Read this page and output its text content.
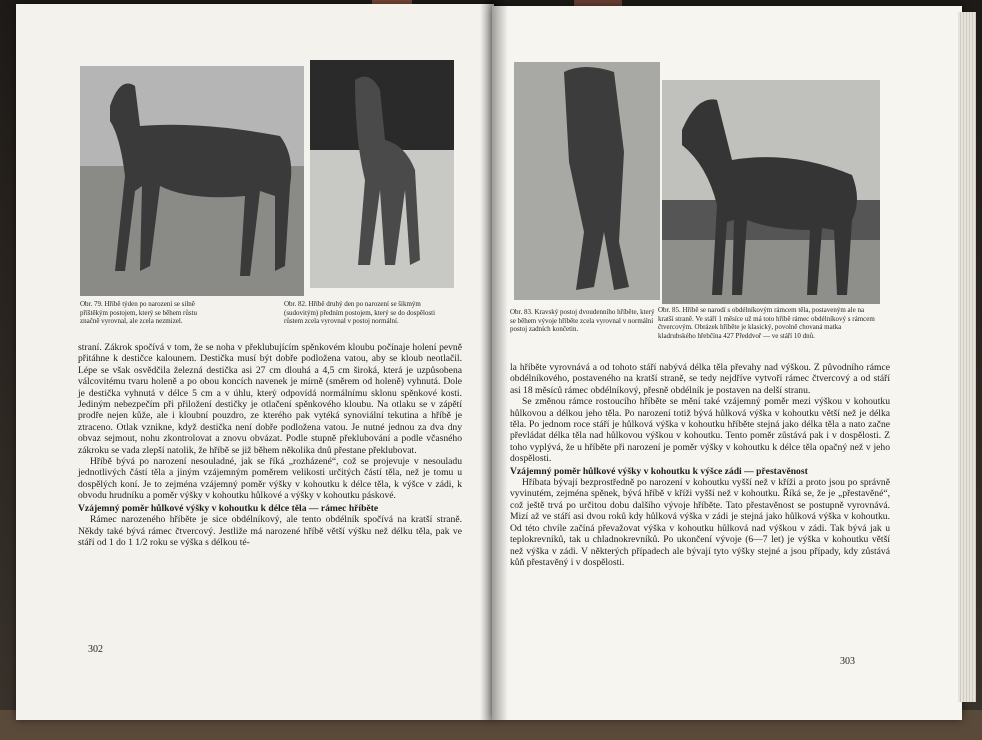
Obr. 79. Hříbě týden po narození se silně příštěkým postojem, který se během růstu značně vyrovnal, ale zcela nezmizel.
Obr. 82. Hříbě druhý den po narození se šikmým (sudovitým) předním postojem, který se do dospělosti růstem zcela vyrovnal v postoj normální.

straní. Zákrok spočívá v tom, že se noha v překlubujícím spěnkovém kloubu počínaje holení pevně přitáhne k destičce kalounem. Destička musí být dobře podložena vatou, aby se kloub neotlačil. Lépe se však osvědčila železná destička asi 27 cm dlouhá a 4,5 cm široká, která je uzpůsobena válcovitému tvaru holeně a po obou koncích navenek je mírně (směrem od holeně) vyhnutá. Dole je destička vyhnutá v délce 5 cm a v úhlu, který odpovídá normálnímu sklonu spěnkové kosti. Jediným nebezpečím při přiložení destičky je otlačení spěnkového kloubu. Na otlaku se v zápětí prodře nejen kůže, ale i kloubní pouzdro, ze kterého pak vytéká synoviální tekutina a hříbě je ztraceno. Otlak vznikne, když destička není dobře podložena vatou. Je nutné jednou za dva dny obvaz sejmout, nohu zkontrolovat a znovu obvázat. Podle stupně překlubování a podle včasného zákroku se vada zlepší natolik, že hříbě se již během několika dnů přestane překlubovat.

Hříbě bývá po narození nesouladné, jak se říká „rozházené“, což se projevuje v nesouladu jednotlivých částí těla a jiným vzájemným poměrem velikosti určitých částí těla, než je tomu u dospělých koní. Je to zejména vzájemný poměr výšky v kohoutku k délce těla, k výšce v zádi, k obvodu hrudníku a poměr výšky v kohoutku hůlkové a výšky v kohoutku páskové.

Vzájemný poměr hůlkové výšky v kohoutku k délce těla — rámec hříběte

Rámec narozeného hříběte je sice obdélníkový, ale tento obdélník spočívá na kratší straně. Někdy také bývá rámec čtvercový. Jestliže má narozené hříbě větší výšku než délku těla, pak ve stáří od 1 do 1 1/2 roku se výška s délkou té-

302
Obr. 83. Kravský postoj dvoudenního hříběte, který se během vývoje hříběte zcela vyrovnal v normální postoj zadních končetin.
Obr. 85. Hříbě se narodí s obdélníkovým rámcem těla, postaveným ale na kratší straně. Ve stáří 1 měsíce už má toto hříbě rámec obdélníkový s rámcem čtvercovým. Obrázek hříběte je klasický, povolně chovaná matka kladrubského hřebčína 427 Předdvoř — ve stáří 10 dnů.

la hříběte vyrovnává a od tohoto stáří nabývá délka těla převahy nad výškou. Z původního rámce obdélníkového, postaveného na kratší straně, se tedy nejdříve vytvoří rámec čtvercový a od stáří asi 18 měsíců rámec obdélníkový, přesně obdélník je postaven na delší stranu.

Se změnou rámce rostoucího hříběte se mění také vzájemný poměr mezi výškou v kohoutku hůlkovou a délkou jeho těla. Po narození totiž bývá hůlková výška v kohoutku větší než je délka těla. Po jednom roce stáří je hůlková výška v kohoutku hříběte stejná jako délka těla a nato začne převládat délka těla nad hůlkovou výškou v kohoutku. Tento poměr zůstává pak i v dospělosti. Z toho vyplývá, že u hříběte při narození je poměr výšky v kohoutku k délce těla opačný než v jeho dospělosti.

Vzájemný poměr hůlkové výšky v kohoutku k výšce zádi — přestavěnost

Hříbata bývají bezprostředně po narození v kohoutku vyšší než v kříži a proto jsou po správně vyvinutém, zejména spěnek, bývá hříbě v kříži vyšší než v kohoutku. Říká se, že je „přestavěné“, což ještě trvá po určitou dobu dalšího vývoje hříběte. Tato přestavěnost se postupně vyrovnává. Mizí až ve stáří asi dvou roků kdy hůlková výška v zádi je stejná jako hůlková výška v kohoutku. Od této chvíle začíná převažovat výška v kohoutku hůlková nad výškou v zádi. Tak bývá jak u teplokrevníků, tak u chladnokrevníků. Po ukončení vývoje (6—7 let) je výška v kohoutku větší než výška v zádi. V některých případech ale bývají tyto výšky stejné a jsou případy, kdy zůstává kůň přestavěný i v dospělosti.

303
